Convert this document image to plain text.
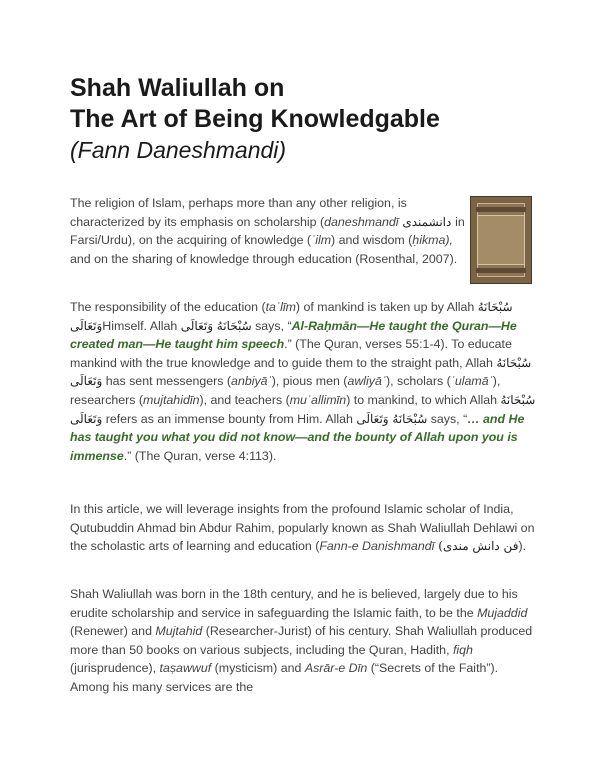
Shah Waliullah on
The Art of Being Knowledgable
(Fann Daneshmandi)

The religion of Islam, perhaps more than any other religion, is characterized by its emphasis on scholarship (daneshmandī دانشمندی in Farsi/Urdu), on the acquiring of knowledge (ʿilm) and wisdom (ḥikma), and on the sharing of knowledge through education (Rosenthal, 2007).

The responsibility of the education (taʿlīm) of mankind is taken up by Allah سُبْحَانَهُ وَتَعَالَىHimself. Allah سُبْحَانَهُ وَتَعَالَى says, “Al-Raḥmān—He taught the Quran—He created man—He taught him speech.” (The Quran, verses 55:1-4). To educate mankind with the true knowledge and to guide them to the straight path, Allah سُبْحَانَهُ وَتَعَالَى has sent messengers (anbiyāʾ), pious men (awliyāʾ), scholars (ʿulamāʾ), researchers (mujtahidīn), and teachers (muʿallimīn) to mankind, to which Allah سُبْحَانَهُ وَتَعَالَى refers as an immense bounty from Him. Allah سُبْحَانَهُ وَتَعَالَى says, “… and He has taught you what you did not know—and the bounty of Allah upon you is immense.” (The Quran, verse 4:113).

In this article, we will leverage insights from the profound Islamic scholar of India, Qutubuddin Ahmad bin Abdur Rahim, popularly known as Shah Waliullah Dehlawi on the scholastic arts of learning and education (Fann-e Danishmandī (فن دانش مندی).

Shah Waliullah was born in the 18th century, and he is believed, largely due to his erudite scholarship and service in safeguarding the Islamic faith, to be the Mujaddid (Renewer) and Mujtahid (Researcher-Jurist) of his century. Shah Waliullah produced more than 50 books on various subjects, including the Quran, Hadith, fiqh (jurisprudence), taṣawwuf (mysticism) and Asrār-e Dīn (“Secrets of the Faith”). Among his many services are the
